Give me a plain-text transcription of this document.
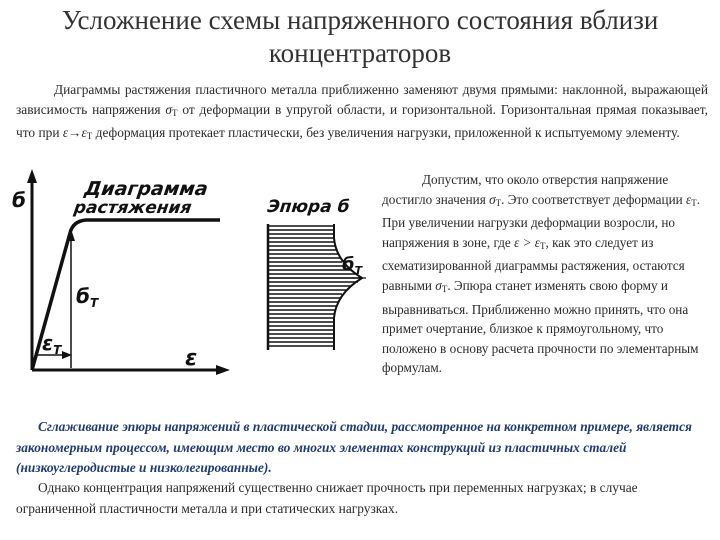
Усложнение схемы напряженного состояния вблизи концентраторов

Диаграммы растяжения пластичного металла приближенно заменяют двумя прямыми: наклонной, выражающей зависимость напряжения $\sigma_T$ от деформации в упругой области, и горизонтальной. Горизонтальная прямая показывает, что при $\varepsilon\to\varepsilon_T$ деформация протекает пластически, без увеличения нагрузки, приложенной к испытуемому элементу.

Диаграмма
растяжения
б
ε
$б_T$
$\varepsilon_T$
Эпюра б
$б_T$

Допустим, что около отверстия напряжение достигло значения $\sigma_T$. Это соответствует деформации $\varepsilon_T$. При увеличении нагрузки деформации возросли, но напряжения в зоне, где $\varepsilon > \varepsilon_T$, как это следует из схематизированной диаграммы растяжения, остаются равными $\sigma_T$. Эпюра станет изменять свою форму и выравниваться. Приближенно можно принять, что она примет очертание, близкое к прямоугольному, что положено в основу расчета прочности по элементарным формулам.

Сглаживание эпюры напряжений в пластической стадии, рассмотренное на конкретном примере, является закономерным процессом, имеющим место во многих элементах конструкций из пластичных сталей (низкоуглеродистые и низколегированные).

Однако концентрация напряжений существенно снижает прочность при переменных нагрузках; в случае ограниченной пластичности металла и при статических нагрузках.
